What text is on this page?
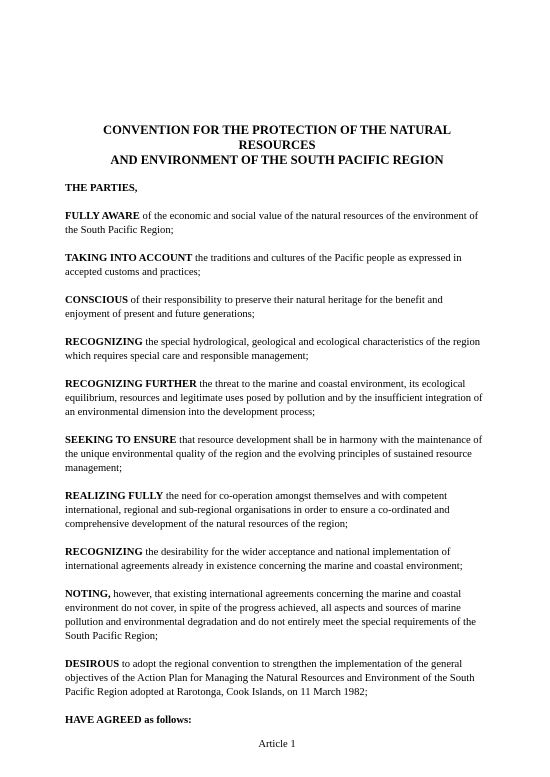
CONVENTION FOR THE PROTECTION OF THE NATURAL RESOURCES
AND ENVIRONMENT OF THE SOUTH PACIFIC REGION

THE PARTIES,

FULLY AWARE of the economic and social value of the natural resources of the environment of the South Pacific Region;

TAKING INTO ACCOUNT the traditions and cultures of the Pacific people as expressed in accepted customs and practices;

CONSCIOUS of their responsibility to preserve their natural heritage for the benefit and enjoyment of present and future generations;

RECOGNIZING the special hydrological, geological and ecological characteristics of the region which requires special care and responsible management;

RECOGNIZING FURTHER the threat to the marine and coastal environment, its ecological equilibrium, resources and legitimate uses posed by pollution and by the insufficient integration of an environmental dimension into the development process;

SEEKING TO ENSURE that resource development shall be in harmony with the maintenance of the unique environmental quality of the region and the evolving principles of sustained resource management;

REALIZING FULLY the need for co-operation amongst themselves and with competent international, regional and sub-regional organisations in order to ensure a co-ordinated and comprehensive development of the natural resources of the region;

RECOGNIZING the desirability for the wider acceptance and national implementation of international agreements already in existence concerning the marine and coastal environment;

NOTING, however, that existing international agreements concerning the marine and coastal environment do not cover, in spite of the progress achieved, all aspects and sources of marine pollution and environmental degradation and do not entirely meet the special requirements of the South Pacific Region;

DESIROUS to adopt the regional convention to strengthen the implementation of the general objectives of the Action Plan for Managing the Natural Resources and Environment of the South Pacific Region adopted at Rarotonga, Cook Islands, on 11 March 1982;

HAVE AGREED as follows:

Article 1
